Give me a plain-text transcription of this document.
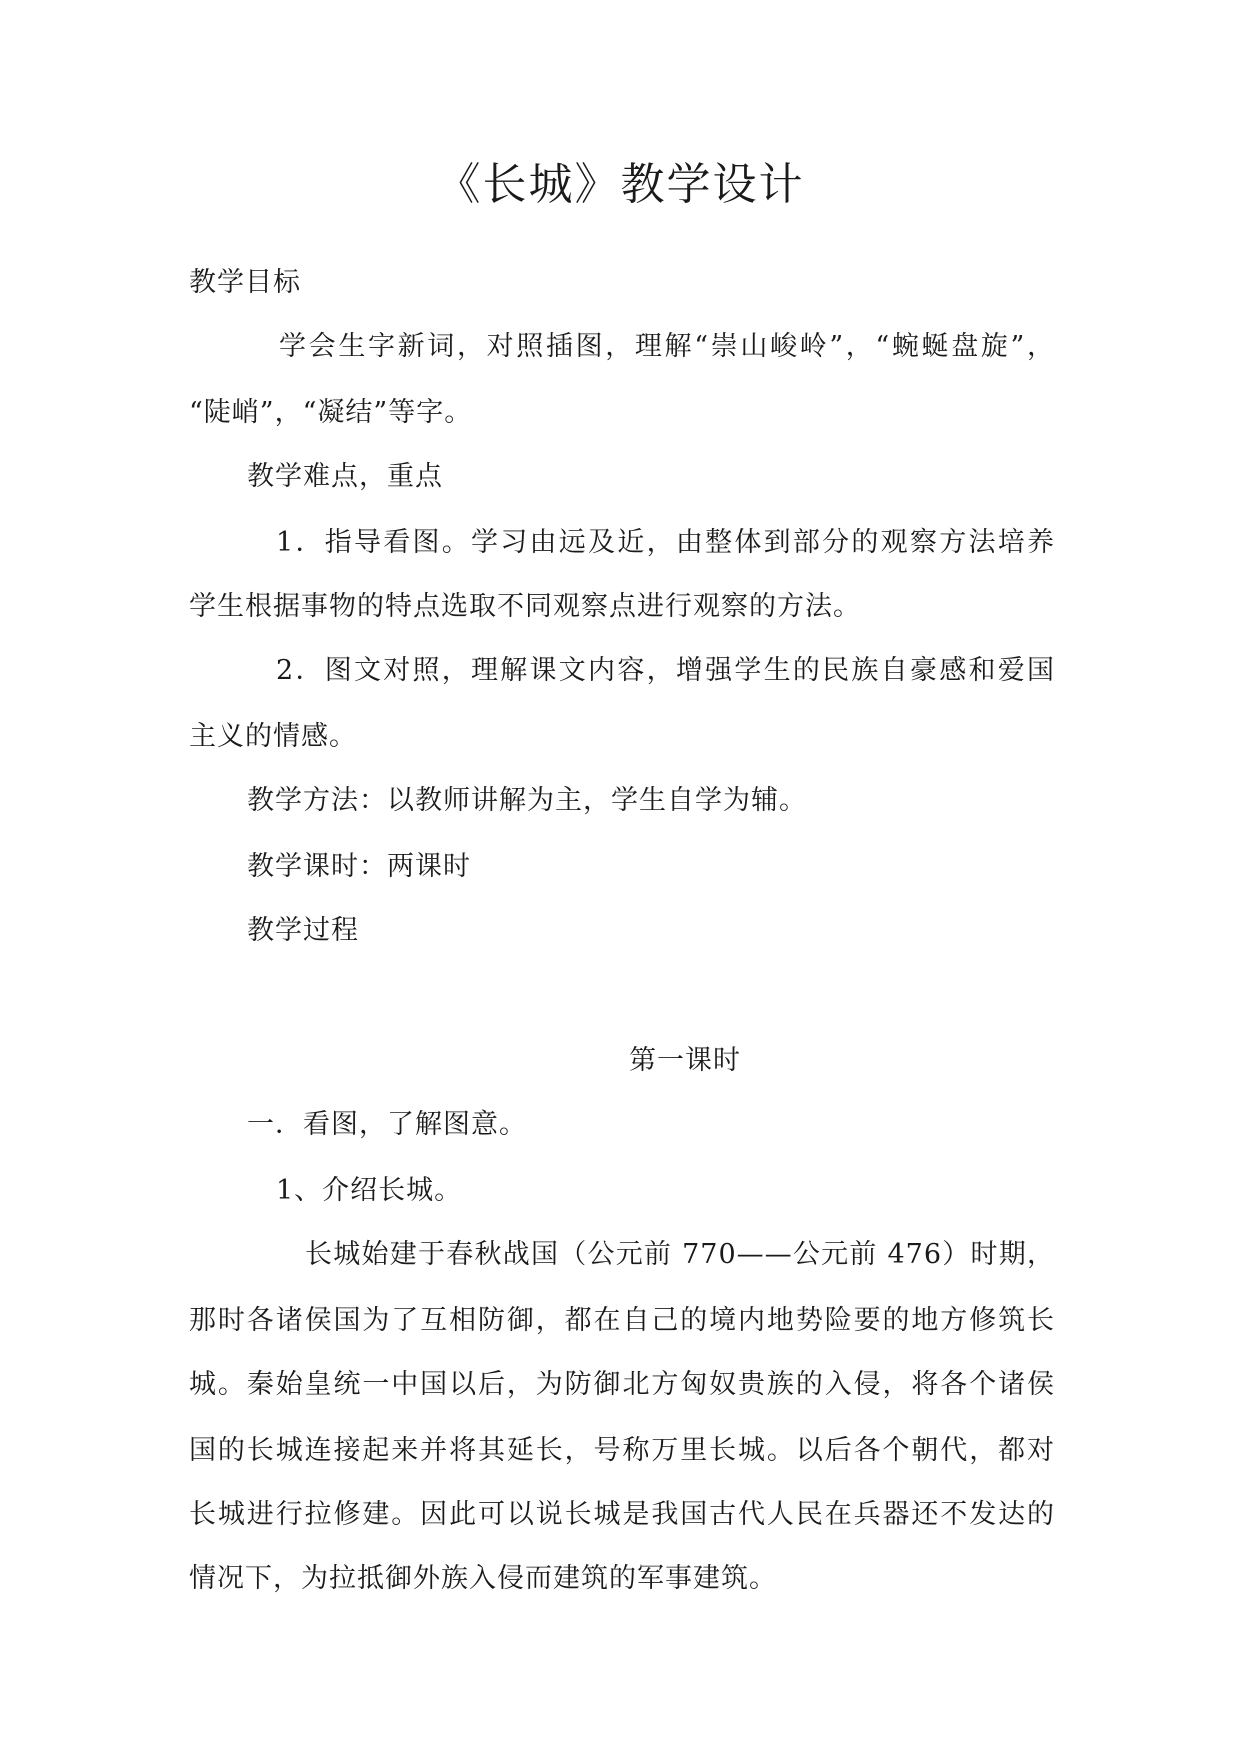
《长城》教学设计
教学目标
学会生字新词，对照插图，理解“崇山峻岭”，“蜿蜒盘旋”，
“陡峭”，“凝结”等字。
教学难点，重点
1．指导看图。学习由远及近，由整体到部分的观察方法培养
学生根据事物的特点选取不同观察点进行观察的方法。
2．图文对照，理解课文内容，增强学生的民族自豪感和爱国
主义的情感。
教学方法：以教师讲解为主，学生自学为辅。
教学课时：两课时
教学过程
第一课时
一．看图，了解图意。
1、介绍长城。
长城始建于春秋战国（公元前 770——公元前 476）时期，
那时各诸侯国为了互相防御，都在自己的境内地势险要的地方修筑长
城。秦始皇统一中国以后，为防御北方匈奴贵族的入侵，将各个诸侯
国的长城连接起来并将其延长，号称万里长城。以后各个朝代，都对
长城进行拉修建。因此可以说长城是我国古代人民在兵器还不发达的
情况下，为拉抵御外族入侵而建筑的军事建筑。
